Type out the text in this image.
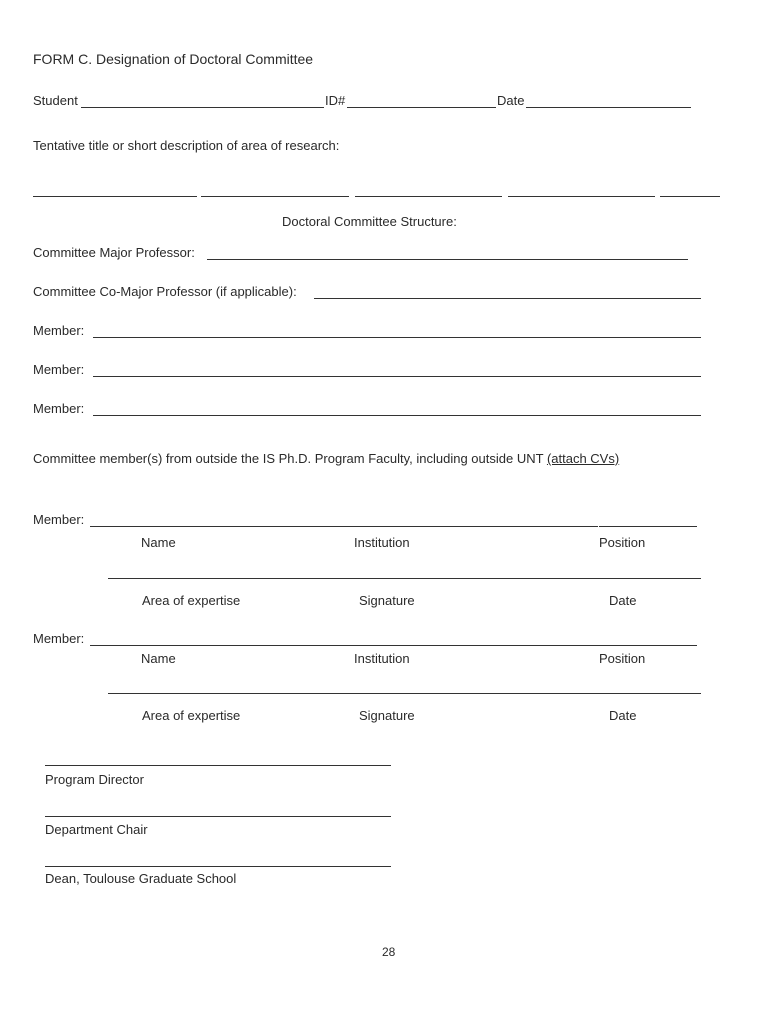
FORM C. Designation of Doctoral Committee
Student	ID#	Date
Tentative title or short description of area of research:
Doctoral Committee Structure:
Committee Major Professor:
Committee Co-Major Professor (if applicable):
Member:
Member:
Member:
Committee member(s) from outside the IS Ph.D. Program Faculty, including outside UNT (attach CVs)
Member:
Name	Institution	Position
Area of expertise	Signature	Date
Member:
Name	Institution	Position
Area of expertise	Signature	Date
Program Director
Department Chair
Dean, Toulouse Graduate School
28
